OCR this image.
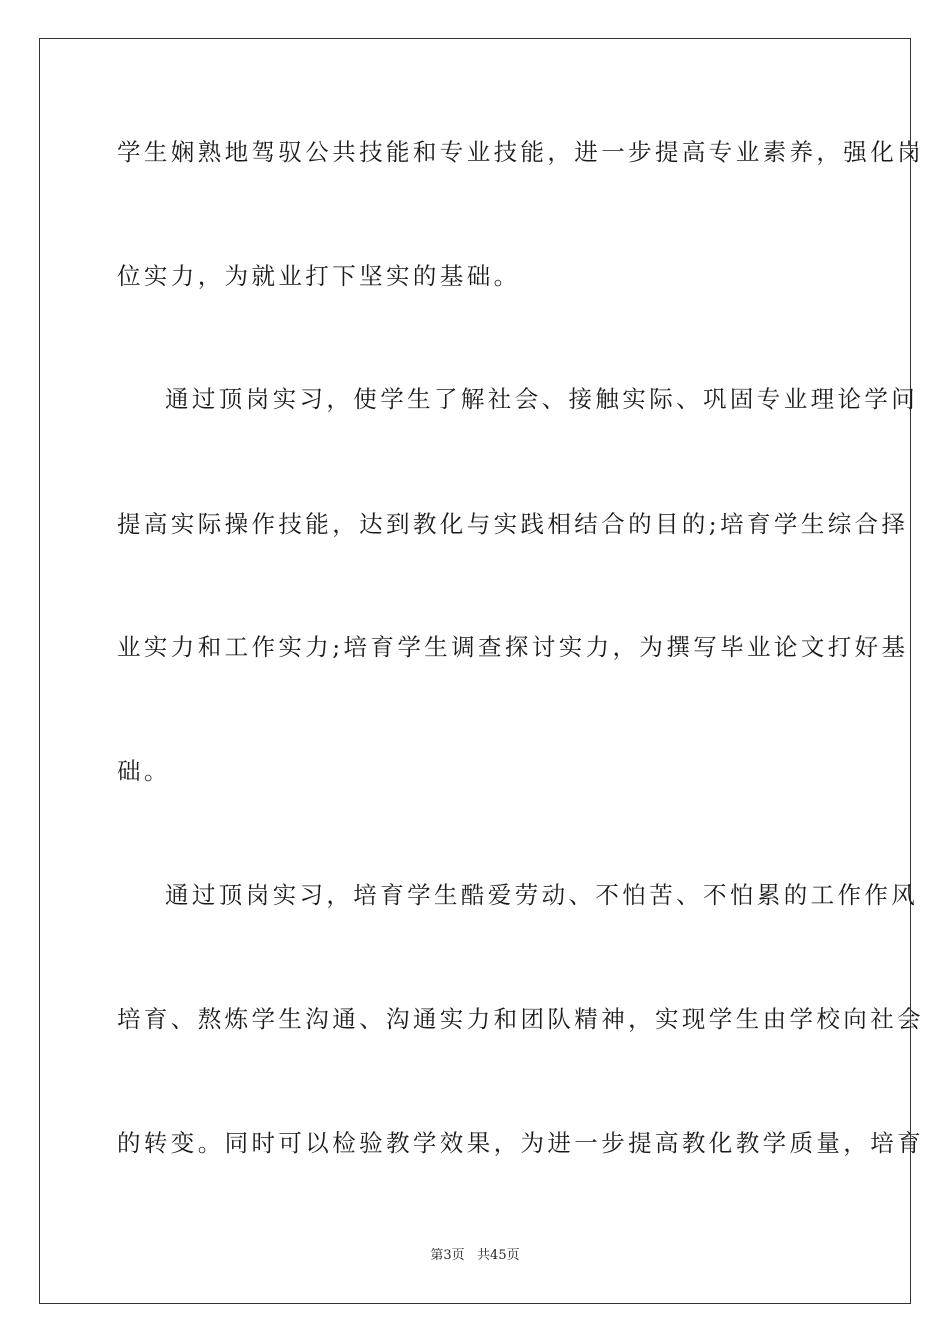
学生娴熟地驾驭公共技能和专业技能，进一步提高专业素养，强化岗
位实力，为就业打下坚实的基础。
通过顶岗实习，使学生了解社会、接触实际、巩固专业理论学问
提高实际操作技能，达到教化与实践相结合的目的;培育学生综合择
业实力和工作实力;培育学生调查探讨实力，为撰写毕业论文打好基
础。
通过顶岗实习，培育学生酷爱劳动、不怕苦、不怕累的工作作风
培育、熬炼学生沟通、沟通实力和团队精神，实现学生由学校向社会
的转变。同时可以检验教学效果，为进一步提高教化教学质量，培育
第3页   共45页
